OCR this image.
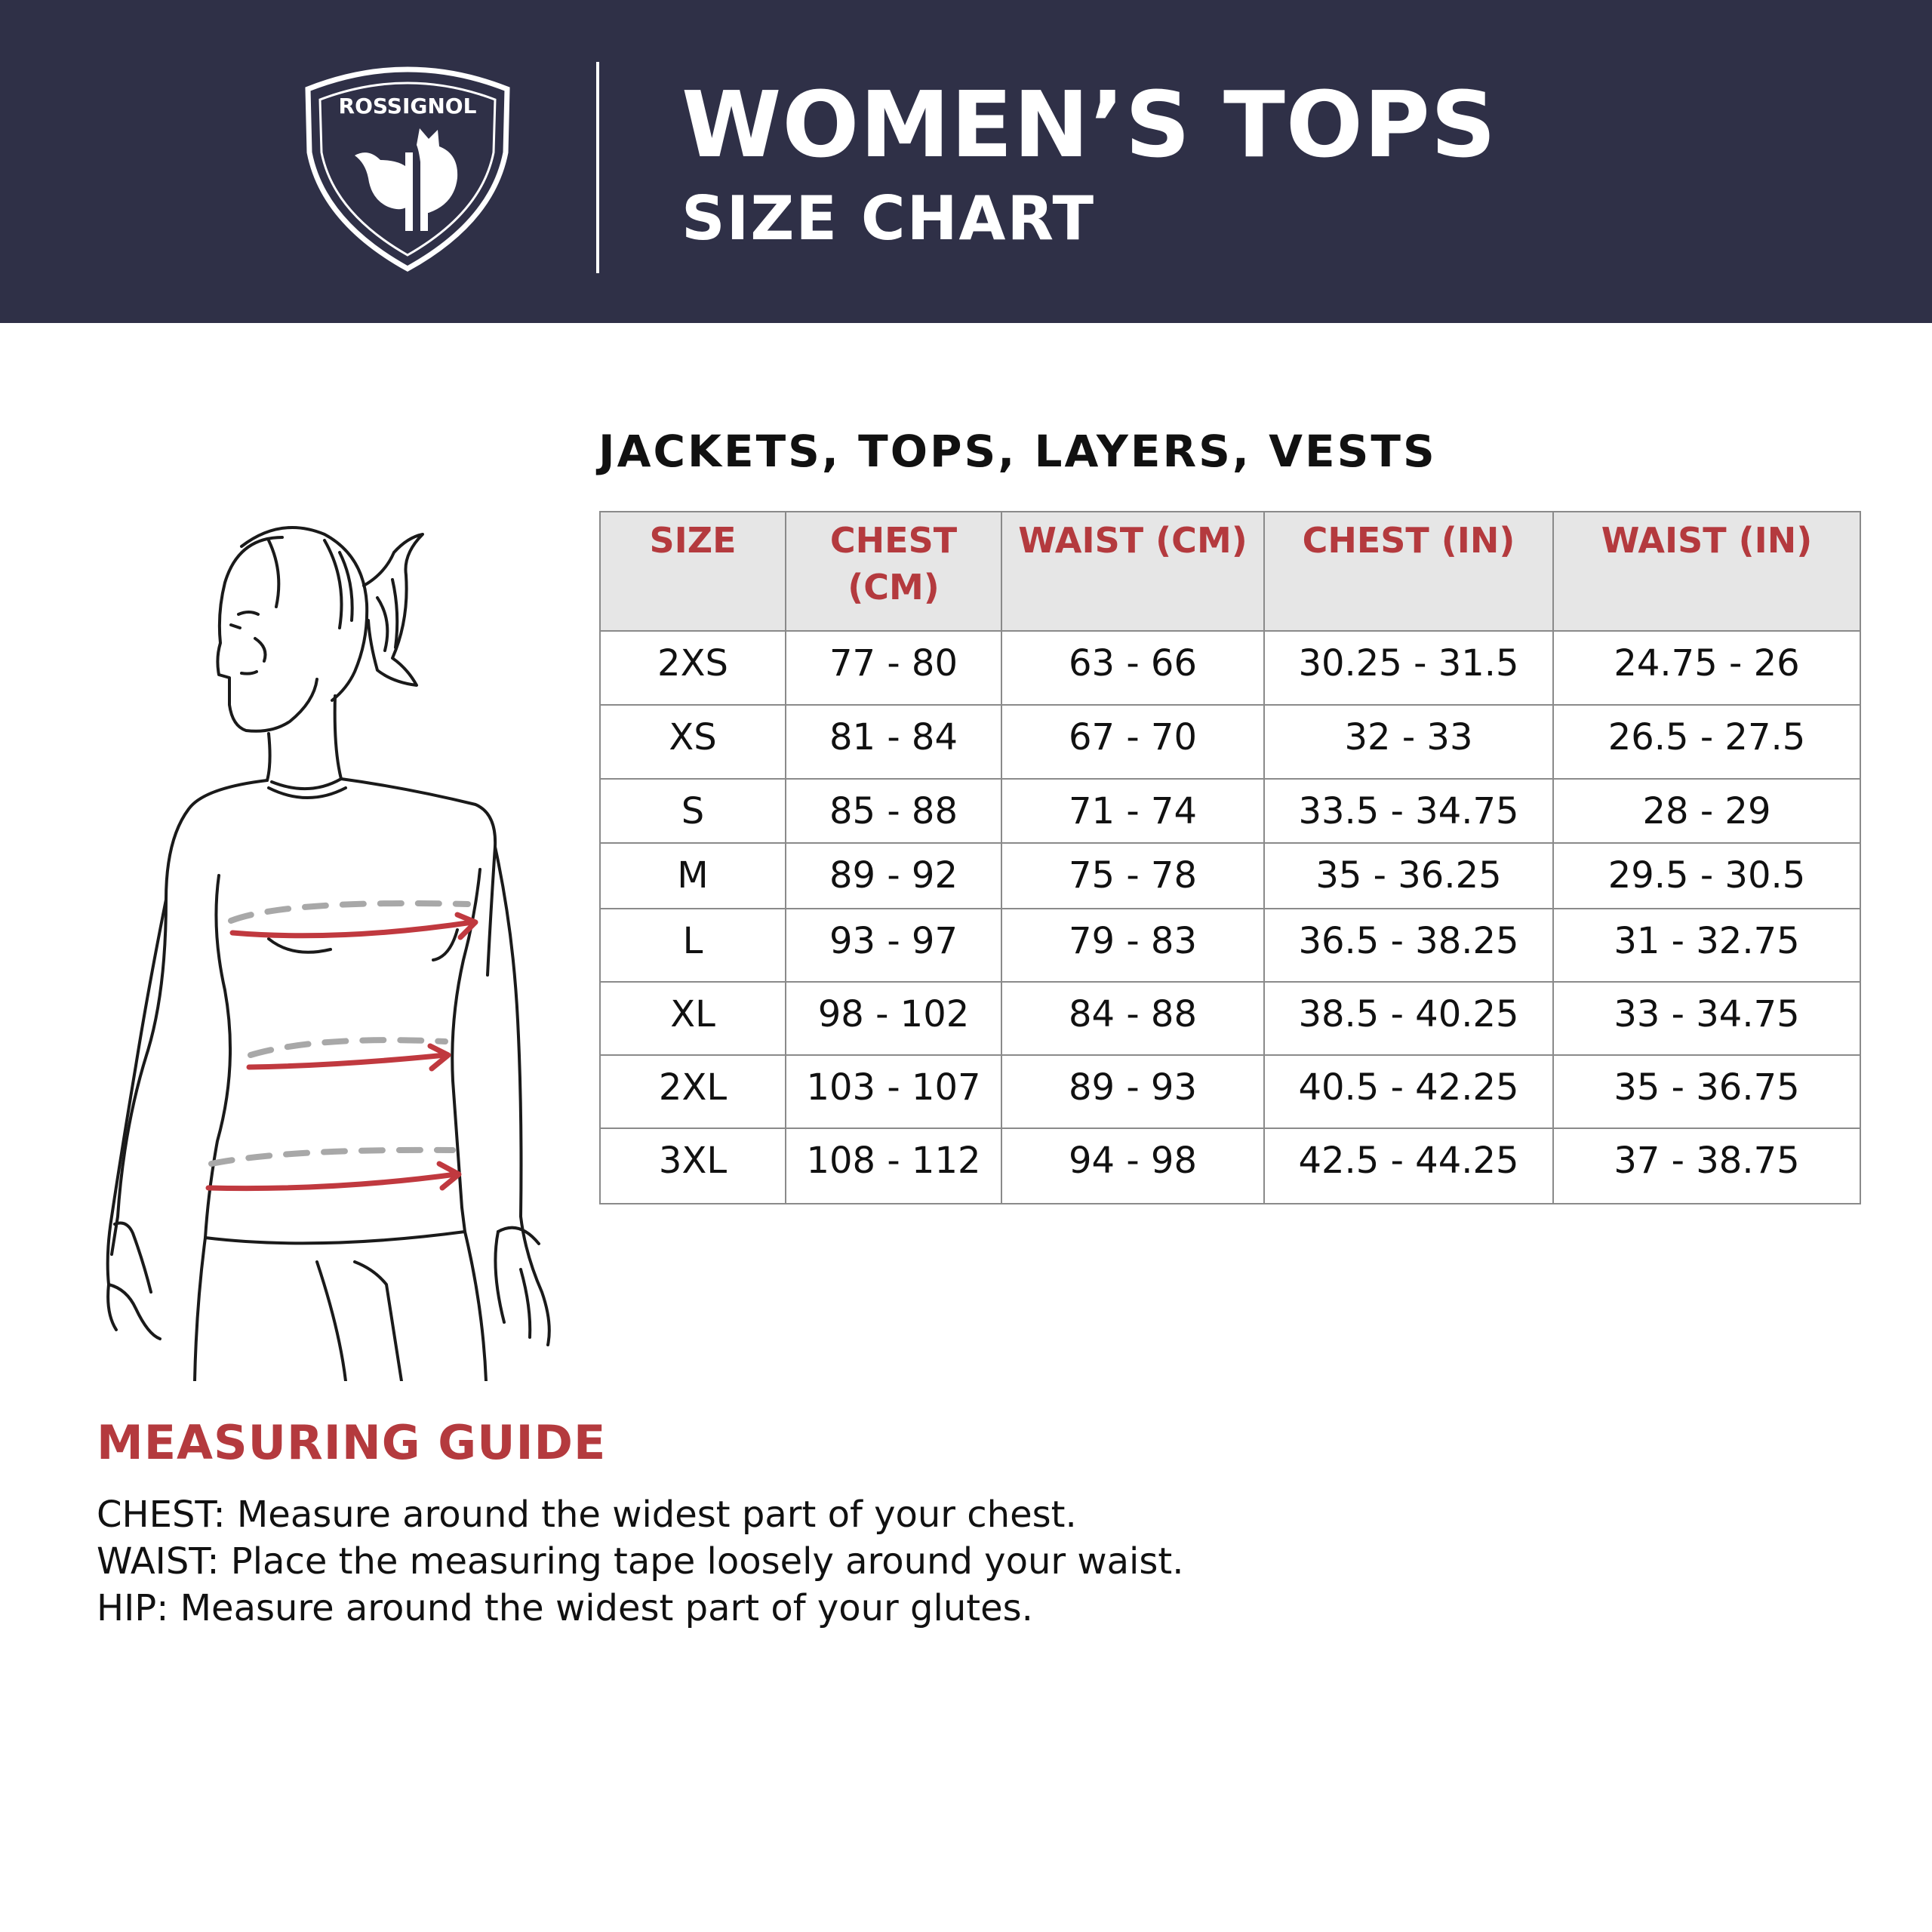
ROSSIGNOL WOMEN’S TOPS
SIZE CHART
JACKETS, TOPS, LAYERS, VESTS
SIZE	CHEST (CM)	WAIST (CM)	CHEST (IN)	WAIST (IN)
2XS	77 - 80	63 - 66	30.25 - 31.5	24.75 - 26
XS	81 - 84	67 - 70	32 - 33	26.5 - 27.5
S	85 - 88	71 - 74	33.5 - 34.75	28 - 29
M	89 - 92	75 - 78	35 - 36.25	29.5 - 30.5
L	93 - 97	79 - 83	36.5 - 38.25	31 - 32.75
XL	98 - 102	84 - 88	38.5 - 40.25	33 - 34.75
2XL	103 - 107	89 - 93	40.5 - 42.25	35 - 36.75
3XL	108 - 112	94 - 98	42.5 - 44.25	37 - 38.75
MEASURING GUIDE

CHEST: Measure around the widest part of your chest.

WAIST: Place the measuring tape loosely around your waist.

HIP: Measure around the widest part of your glutes.
